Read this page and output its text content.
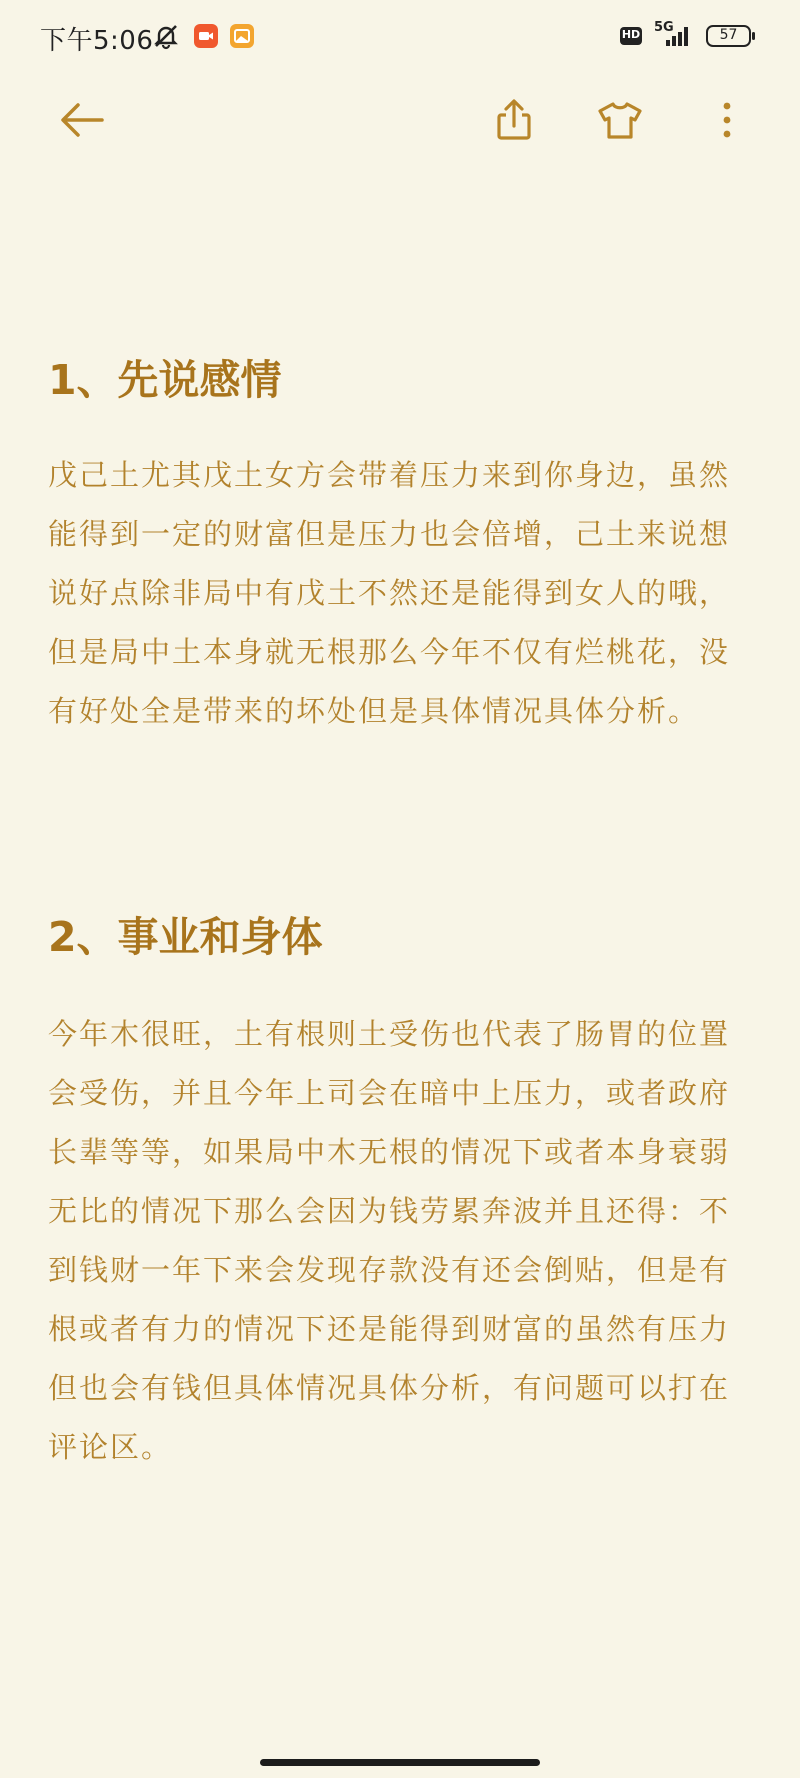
下午5:06	HD 5G	57
1、先说感情

戊己土尤其戊土女方会带着压力来到你身边，虽然能得到一定的财富但是压力也会倍增，己土来说想说好点除非局中有戊土不然还是能得到女人的哦，但是局中土本身就无根那么今年不仅有烂桃花，没有好处全是带来的坏处但是具体情况具体分析。

2、事业和身体

今年木很旺，土有根则土受伤也代表了肠胃的位置会受伤，并且今年上司会在暗中上压力，或者政府长辈等等，如果局中木无根的情况下或者本身衰弱无比的情况下那么会因为钱劳累奔波并且还得：不到钱财一年下来会发现存款没有还会倒贴，但是有根或者有力的情况下还是能得到财富的虽然有压力但也会有钱但具体情况具体分析，有问题可以打在评论区。
